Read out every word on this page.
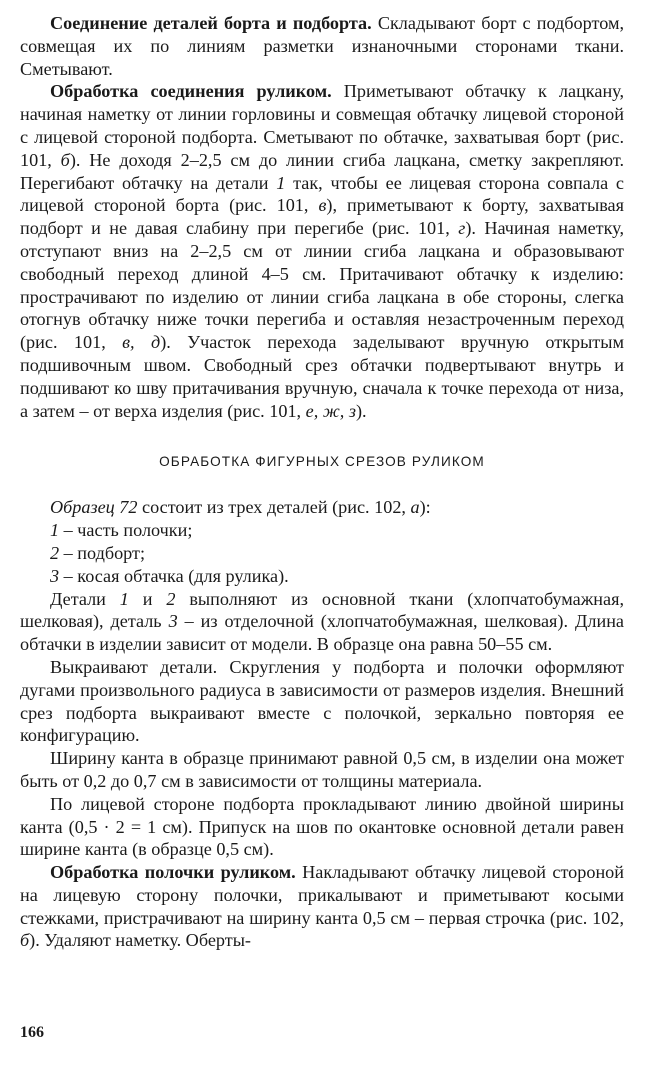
Соединение деталей борта и подборта. Складывают борт с подбортом, совмещая их по линиям разметки изнаночными сторонами ткани. Сметывают.

Обработка соединения руликом. Приметывают обтачку к лацкану, начиная наметку от линии горловины и совмещая обтачку лицевой стороной с лицевой стороной подборта. Сметывают по обтачке, захватывая борт (рис. 101, б). Не доходя 2–2,5 см до линии сгиба лацкана, сметку закрепляют. Перегибают обтачку на детали 1 так, чтобы ее лицевая сторона совпала с лицевой стороной борта (рис. 101, в), приметывают к борту, захватывая подборт и не давая слабину при перегибе (рис. 101, г). Начиная наметку, отступают вниз на 2–2,5 см от линии сгиба лацкана и образовывают свободный переход длиной 4–5 см. Притачивают обтачку к изделию: прострачивают по изделию от линии сгиба лацкана в обе стороны, слегка отогнув обтачку ниже точки перегиба и оставляя незастроченным переход (рис. 101, в, д). Участок перехода заделывают вручную открытым подшивочным швом. Свободный срез обтачки подвертывают внутрь и подшивают ко шву притачивания вручную, сначала к точке перехода от низа, а затем – от верха изделия (рис. 101, е, ж, з).

ОБРАБОТКА ФИГУРНЫХ СРЕЗОВ РУЛИКОМ

Образец 72 состоит из трех деталей (рис. 102, а):

1 – часть полочки;

2 – подборт;

3 – косая обтачка (для рулика).

Детали 1 и 2 выполняют из основной ткани (хлопчатобумажная, шелковая), деталь 3 – из отделочной (хлопчатобумажная, шелковая). Длина обтачки в изделии зависит от модели. В образце она равна 50–55 см.

Выкраивают детали. Скругления у подборта и полочки оформляют дугами произвольного радиуса в зависимости от размеров изделия. Внешний срез подборта выкраивают вместе с полочкой, зеркально повторяя ее конфигурацию.

Ширину канта в образце принимают равной 0,5 см, в изделии она может быть от 0,2 до 0,7 см в зависимости от толщины материала.

По лицевой стороне подборта прокладывают линию двойной ширины канта (0,5 · 2 = 1 см). Припуск на шов по окантовке основной детали равен ширине канта (в образце 0,5 см).

Обработка полочки руликом. Накладывают обтачку лицевой стороной на лицевую сторону полочки, прикалывают и приметывают косыми стежками, пристрачивают на ширину канта 0,5 см – первая строчка (рис. 102, б). Удаляют наметку. Оберты-

166
